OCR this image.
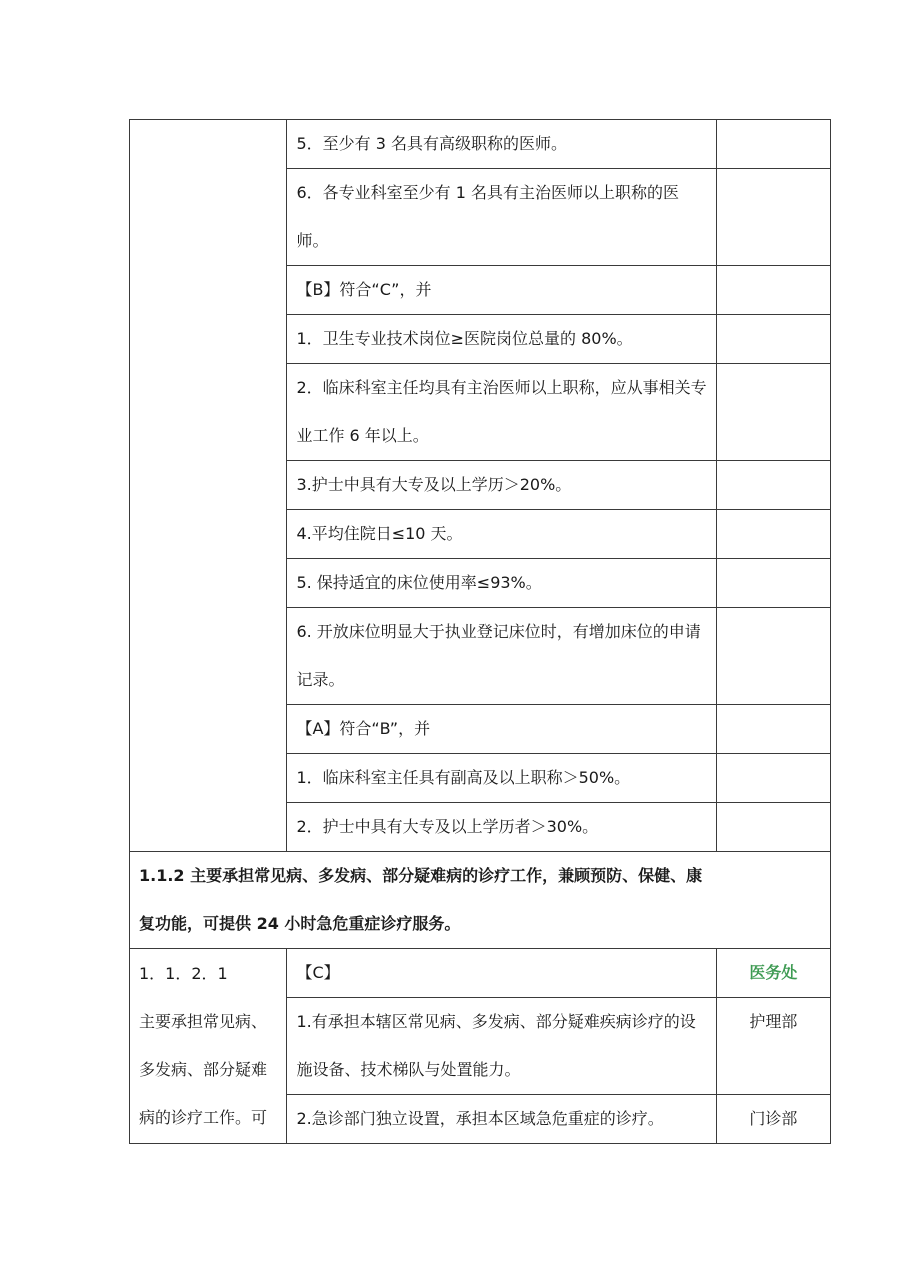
	5．至少有 3 名具有高级职称的医师。	
	6．各专业科室至少有 1 名具有主治医师以上职称的医师。	
	【B】符合“C”，并	
	1．卫生专业技术岗位≥医院岗位总量的 80%。	
	2．临床科室主任均具有主治医师以上职称，应从事相关专业工作 6 年以上。	
	3.护士中具有大专及以上学历＞20%。	
	4.平均住院日≤10 天。	
	5. 保持适宜的床位使用率≤93%。	
	6. 开放床位明显大于执业登记床位时，有增加床位的申请记录。	
	【A】符合“B”，并	
	1．临床科室主任具有副高及以上职称＞50%。	
	2．护士中具有大专及以上学历者＞30%。	
1.1.2 主要承担常见病、多发病、部分疑难病的诊疗工作，兼顾预防、保健、康复功能，可提供 24 小时急危重症诊疗服务。		

1．1．2．1
主要承担常见病、多发病、部分疑难病的诊疗工作。可	【C】	医务处
	1.有承担本辖区常见病、多发病、部分疑难疾病诊疗的设施设备、技术梯队与处置能力。	护理部
	2.急诊部门独立设置，承担本区域急危重症的诊疗。	门诊部
